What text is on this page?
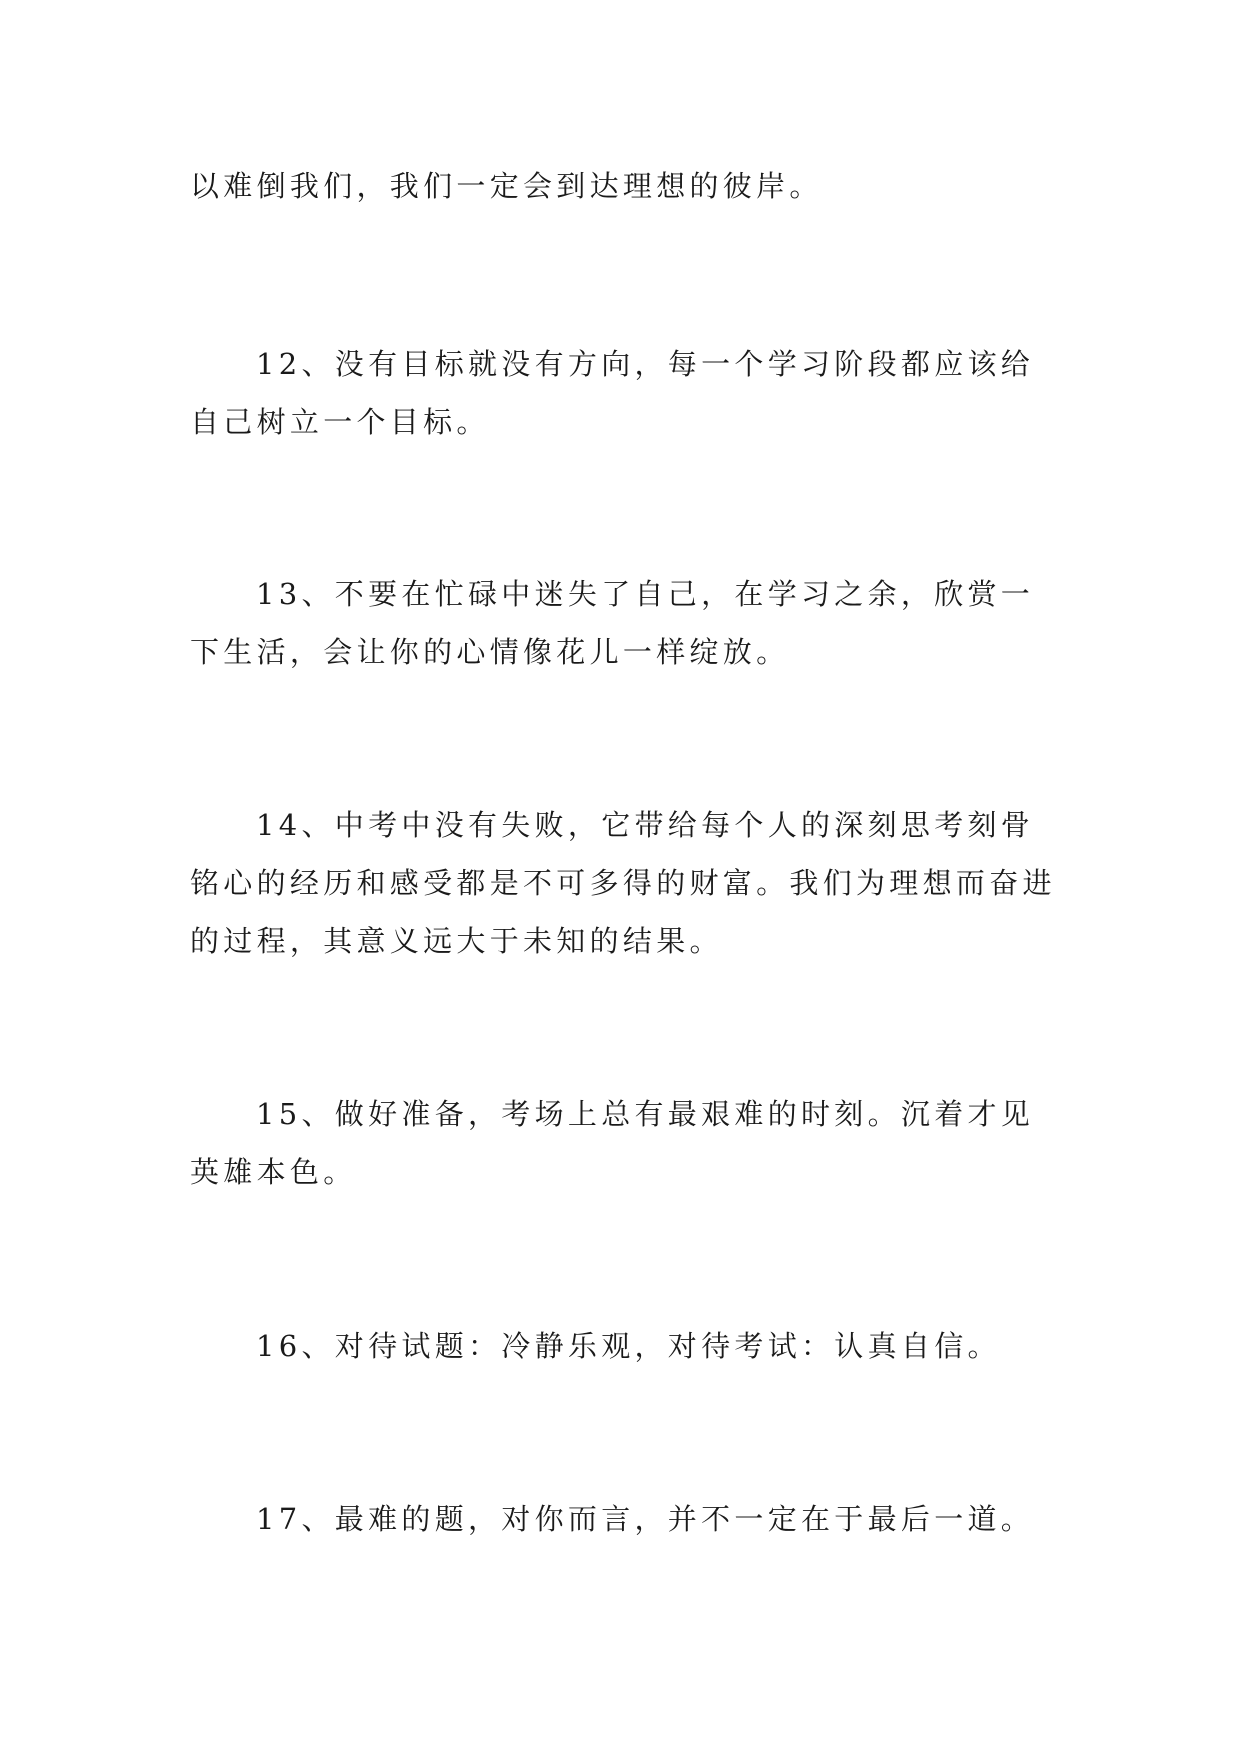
以难倒我们，我们一定会到达理想的彼岸。

12、没有目标就没有方向，每一个学习阶段都应该给自己树立一个目标。

13、不要在忙碌中迷失了自己，在学习之余，欣赏一下生活，会让你的心情像花儿一样绽放。

14、中考中没有失败，它带给每个人的深刻思考刻骨铭心的经历和感受都是不可多得的财富。我们为理想而奋进的过程，其意义远大于未知的结果。

15、做好准备，考场上总有最艰难的时刻。沉着才见英雄本色。

16、对待试题：冷静乐观，对待考试：认真自信。

17、最难的题，对你而言，并不一定在于最后一道。
